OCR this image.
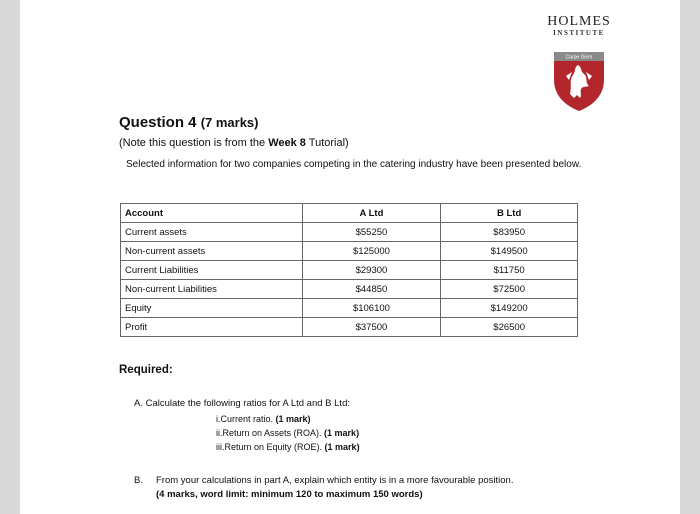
HOLMES
INSTITUTE
Carpe Diem
Question 4 (7 marks)
(Note this question is from the Week 8 Tutorial)
Selected information for two companies competing in the catering industry have been presented below.
Account	A Ltd	B Ltd
Current assets	$55250	$83950
Non-current assets	$125000	$149500
Current Liabilities	$29300	$11750
Non-current Liabilities	$44850	$72500
Equity	$106100	$149200
Profit	$37500	$26500
Required:
A. Calculate the following ratios for A Ltd and B Ltd:
i.Current ratio. (1 mark)
ii.Return on Assets (ROA). (1 mark)
iii.Return on Equity (ROE). (1 mark)
B. From your calculations in part A, explain which entity is in a more favourable position.
(4 marks, word limit: minimum 120 to maximum 150 words)
